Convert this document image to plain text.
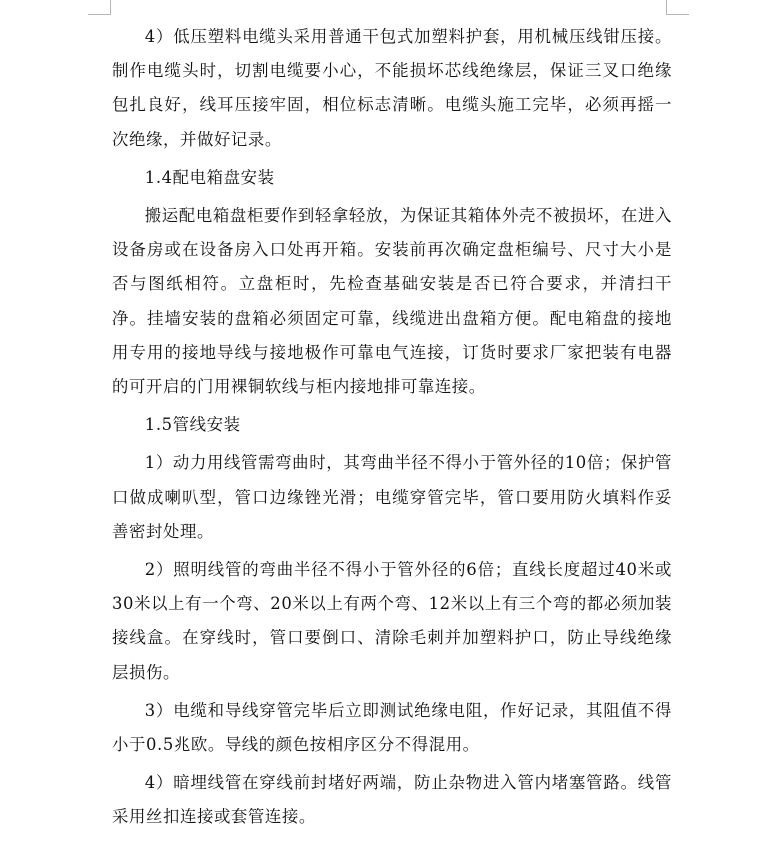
4）低压塑料电缆头采用普通干包式加塑料护套，用机械压线钳压接。制作电缆头时，切割电缆要小心，不能损坏芯线绝缘层，保证三叉口绝缘包扎良好，线耳压接牢固，相位标志清晰。电缆头施工完毕，必须再摇一次绝缘，并做好记录。

1.4配电箱盘安装

搬运配电箱盘柜要作到轻拿轻放，为保证其箱体外壳不被损坏，在进入设备房或在设备房入口处再开箱。安装前再次确定盘柜编号、尺寸大小是否与图纸相符。立盘柜时，先检查基础安装是否已符合要求，并清扫干净。挂墙安装的盘箱必须固定可靠，线缆进出盘箱方便。配电箱盘的接地用专用的接地导线与接地极作可靠电气连接，订货时要求厂家把装有电器的可开启的门用裸铜软线与柜内接地排可靠连接。

1.5管线安装

1）动力用线管需弯曲时，其弯曲半径不得小于管外径的10倍；保护管口做成喇叭型，管口边缘锉光滑；电缆穿管完毕，管口要用防火填料作妥善密封处理。

2）照明线管的弯曲半径不得小于管外径的6倍；直线长度超过40米或30米以上有一个弯、20米以上有两个弯、12米以上有三个弯的都必须加装接线盒。在穿线时，管口要倒口、清除毛刺并加塑料护口，防止导线绝缘层损伤。

3）电缆和导线穿管完毕后立即测试绝缘电阻，作好记录，其阻值不得小于0.5兆欧。导线的颜色按相序区分不得混用。

4）暗埋线管在穿线前封堵好两端，防止杂物进入管内堵塞管路。线管采用丝扣连接或套管连接。
